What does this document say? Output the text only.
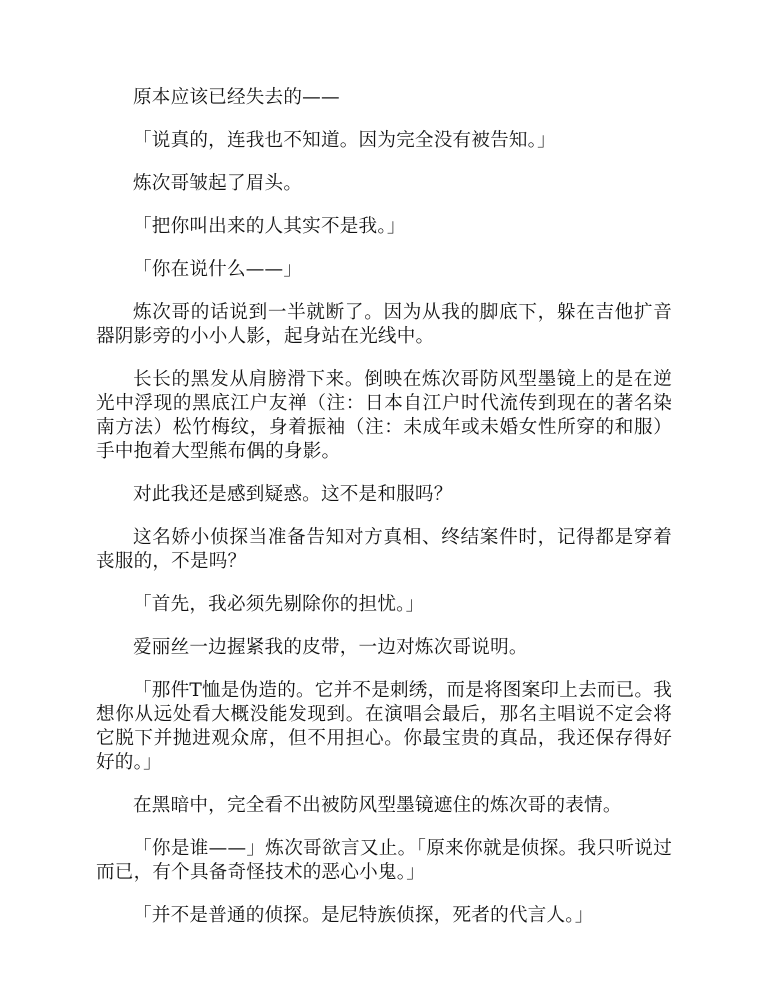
原本应该已经失去的——

「说真的，连我也不知道。因为完全没有被告知。」

炼次哥皱起了眉头。

「把你叫出来的人其实不是我。」

「你在说什么——」

炼次哥的话说到一半就断了。因为从我的脚底下，躲在吉他扩音器阴影旁的小小人影，起身站在光线中。

长长的黑发从肩膀滑下来。倒映在炼次哥防风型墨镜上的是在逆光中浮现的黑底江户友禅（注：日本自江户时代流传到现在的著名染南方法）松竹梅纹，身着振袖（注：未成年或未婚女性所穿的和服）手中抱着大型熊布偶的身影。

对此我还是感到疑惑。这不是和服吗？

这名娇小侦探当准备告知对方真相、终结案件时，记得都是穿着丧服的，不是吗？

「首先，我必须先剔除你的担忧。」

爱丽丝一边握紧我的皮带，一边对炼次哥说明。

「那件T恤是伪造的。它并不是刺绣，而是将图案印上去而已。我想你从远处看大概没能发现到。在演唱会最后，那名主唱说不定会将它脱下并抛进观众席，但不用担心。你最宝贵的真品，我还保存得好好的。」

在黑暗中，完全看不出被防风型墨镜遮住的炼次哥的表情。

「你是谁——」炼次哥欲言又止。「原来你就是侦探。我只听说过而已，有个具备奇怪技术的恶心小鬼。」

「并不是普通的侦探。是尼特族侦探，死者的代言人。」
